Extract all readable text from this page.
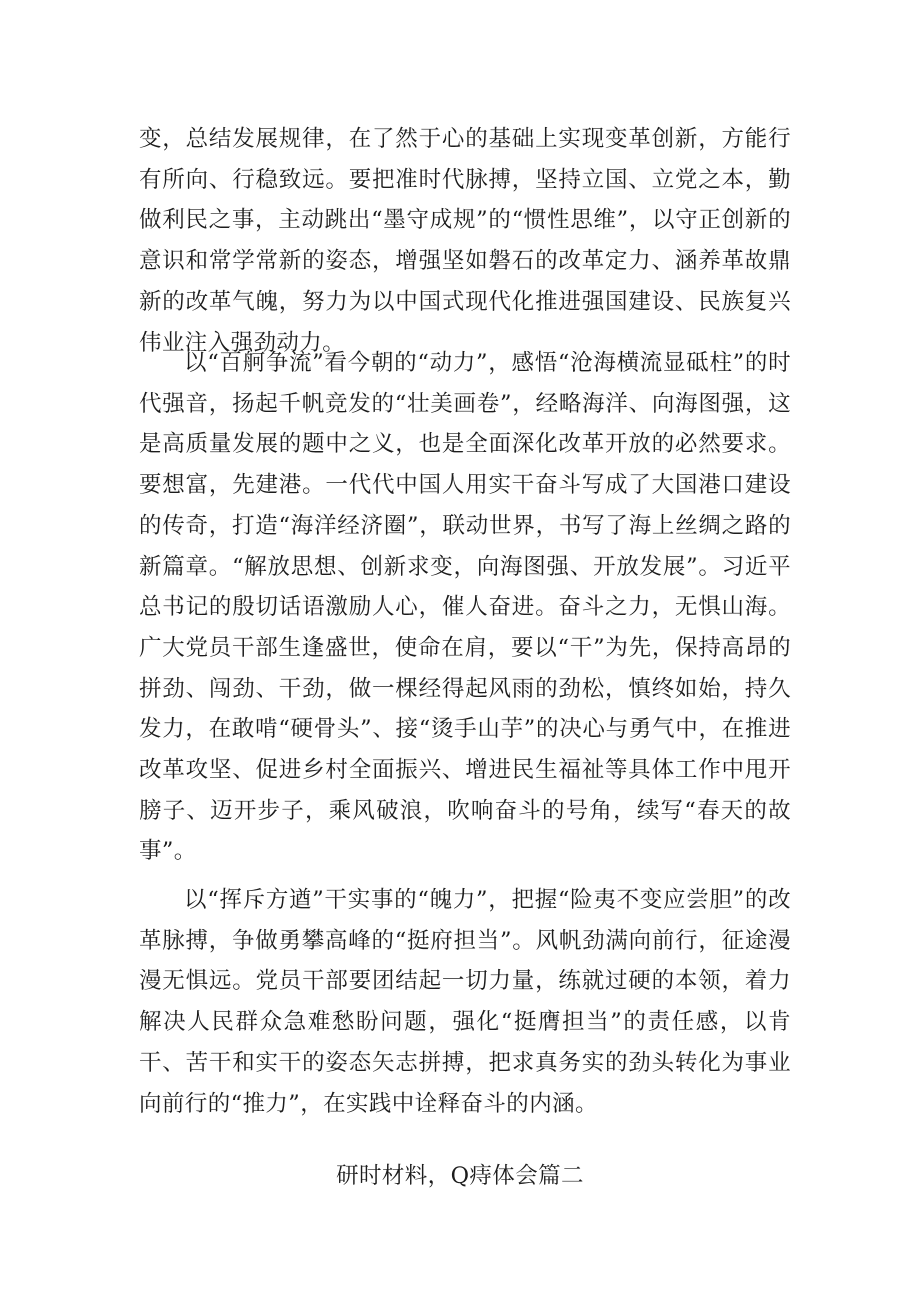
变，总结发展规律，在了然于心的基础上实现变革创新，方能行有所向、行稳致远。要把准时代脉搏，坚持立国、立党之本，勤做利民之事，主动跳出“墨守成规”的“惯性思维”，以守正创新的意识和常学常新的姿态，增强坚如磐石的改革定力、涵养革故鼎新的改革气魄，努力为以中国式现代化推进强国建设、民族复兴伟业注入强劲动力。

以“百舸争流”看今朝的“动力”，感悟“沧海横流显砥柱”的时代强音，扬起千帆竞发的“壮美画卷”，经略海洋、向海图强，这是高质量发展的题中之义，也是全面深化改革开放的必然要求。要想富，先建港。一代代中国人用实干奋斗写成了大国港口建设的传奇，打造“海洋经济圈”，联动世界，书写了海上丝绸之路的新篇章。“解放思想、创新求变，向海图强、开放发展”。习近平总书记的殷切话语激励人心，催人奋进。奋斗之力，无惧山海。广大党员干部生逢盛世，使命在肩，要以“干”为先，保持高昂的拼劲、闯劲、干劲，做一棵经得起风雨的劲松，慎终如始，持久发力，在敢啃“硬骨头”、接“烫手山芋”的决心与勇气中，在推进改革攻坚、促进乡村全面振兴、增进民生福祉等具体工作中甩开膀子、迈开步子，乘风破浪，吹响奋斗的号角，续写“春天的故事”。

以“挥斥方遒”干实事的“魄力”，把握“险夷不变应尝胆”的改革脉搏，争做勇攀高峰的“挺府担当”。风帆劲满向前行，征途漫漫无惧远。党员干部要团结起一切力量，练就过硬的本领，着力解决人民群众急难愁盼问题，强化“挺膺担当”的责任感，以肯干、苦干和实干的姿态矢志拼搏，把求真务实的劲头转化为事业向前行的“推力”，在实践中诠释奋斗的内涵。

研时材料，Q痔体会篇二
